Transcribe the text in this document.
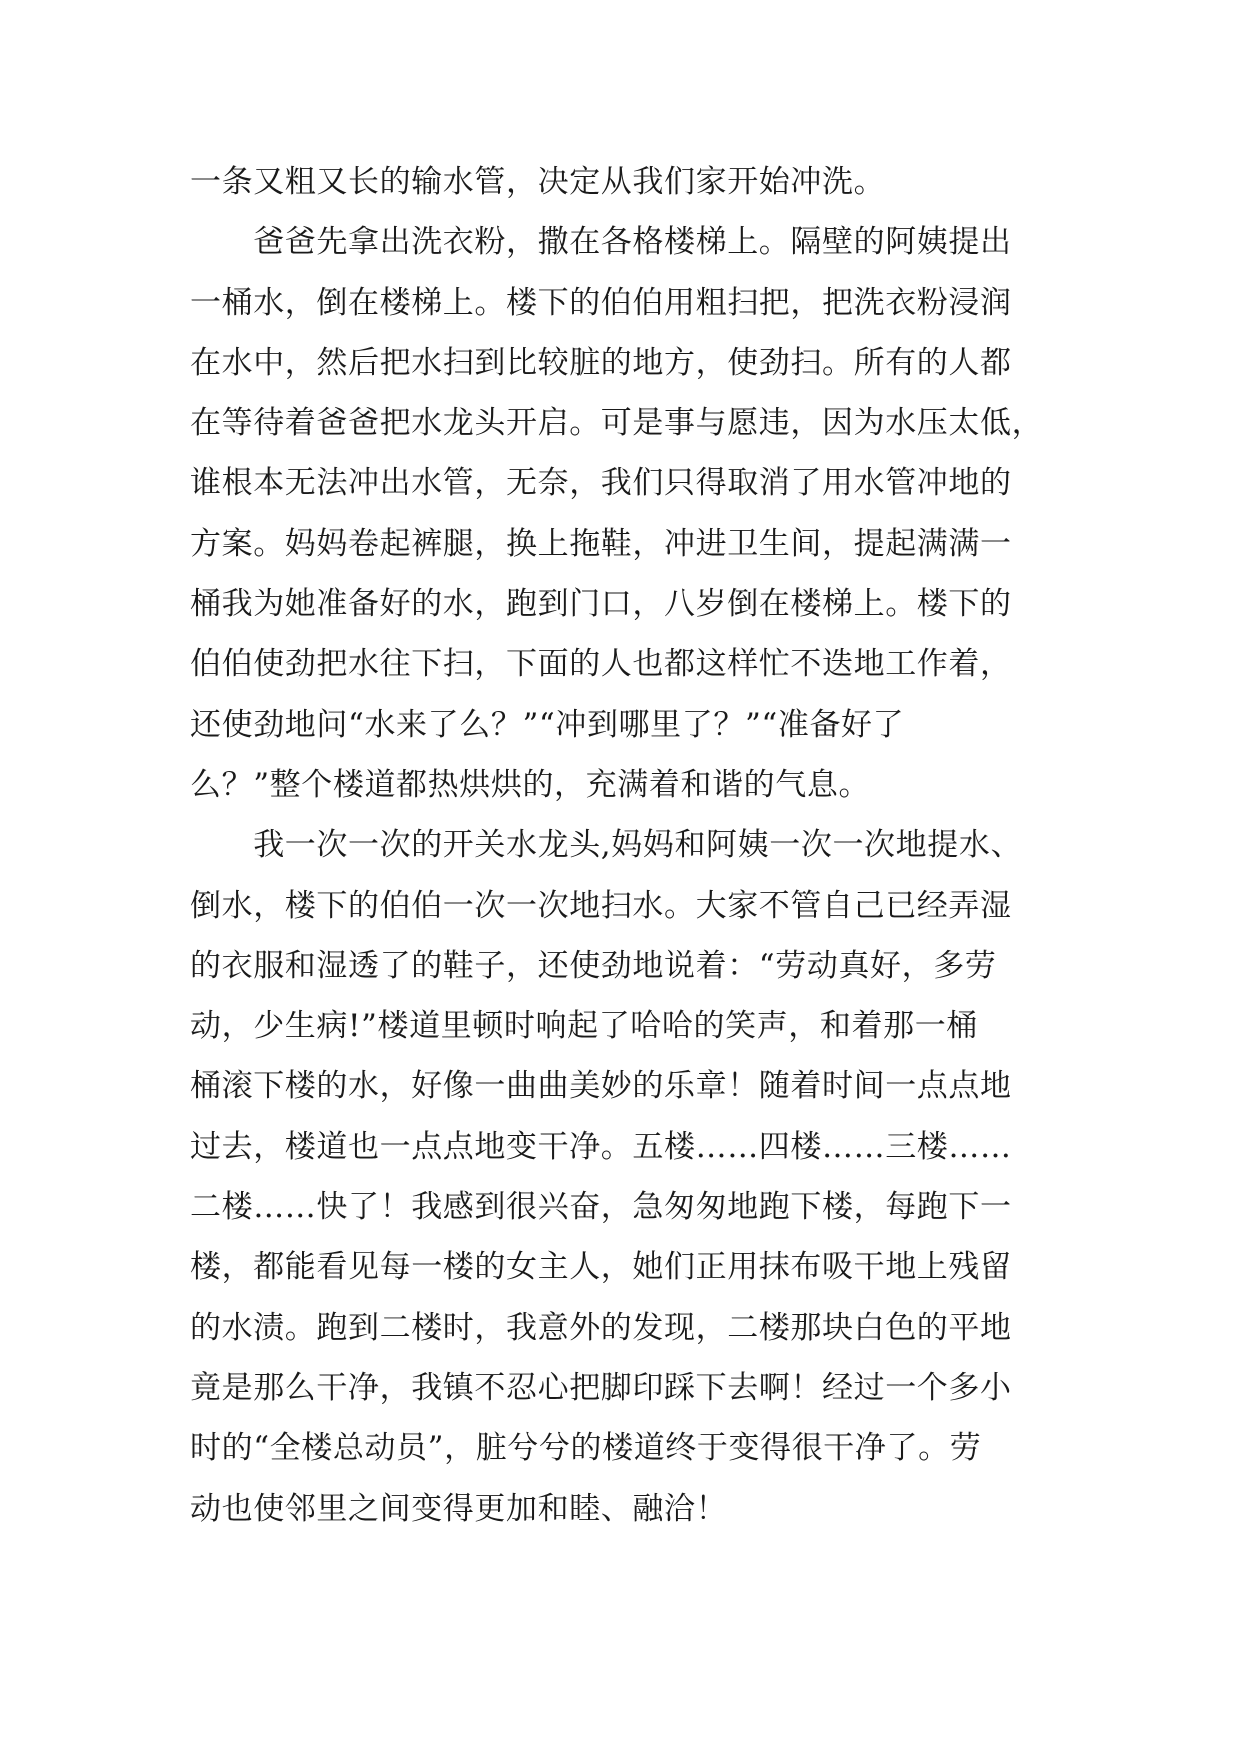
一条又粗又长的输水管，决定从我们家开始冲洗。
　　爸爸先拿出洗衣粉，撒在各格楼梯上。隔壁的阿姨提出
一桶水，倒在楼梯上。楼下的伯伯用粗扫把，把洗衣粉浸润
在水中，然后把水扫到比较脏的地方，使劲扫。所有的人都
在等待着爸爸把水龙头开启。可是事与愿违，因为水压太低，
谁根本无法冲出水管，无奈，我们只得取消了用水管冲地的
方案。妈妈卷起裤腿，换上拖鞋，冲进卫生间，提起满满一
桶我为她准备好的水，跑到门口，八岁倒在楼梯上。楼下的
伯伯使劲把水往下扫，下面的人也都这样忙不迭地工作着，
还使劲地问“水来了么？”“冲到哪里了？”“准备好了
么？”整个楼道都热烘烘的，充满着和谐的气息。
　　我一次一次的开关水龙头,妈妈和阿姨一次一次地提水、
倒水，楼下的伯伯一次一次地扫水。大家不管自己已经弄湿
的衣服和湿透了的鞋子，还使劲地说着：“劳动真好，多劳
动，少生病!”楼道里顿时响起了哈哈的笑声，和着那一桶
桶滚下楼的水，好像一曲曲美妙的乐章！随着时间一点点地
过去，楼道也一点点地变干净。五楼……四楼……三楼……
二楼……快了！我感到很兴奋，急匆匆地跑下楼，每跑下一
楼，都能看见每一楼的女主人，她们正用抹布吸干地上残留
的水渍。跑到二楼时，我意外的发现，二楼那块白色的平地
竟是那么干净，我镇不忍心把脚印踩下去啊！经过一个多小
时的“全楼总动员”，脏兮兮的楼道终于变得很干净了。劳
动也使邻里之间变得更加和睦、融洽！
